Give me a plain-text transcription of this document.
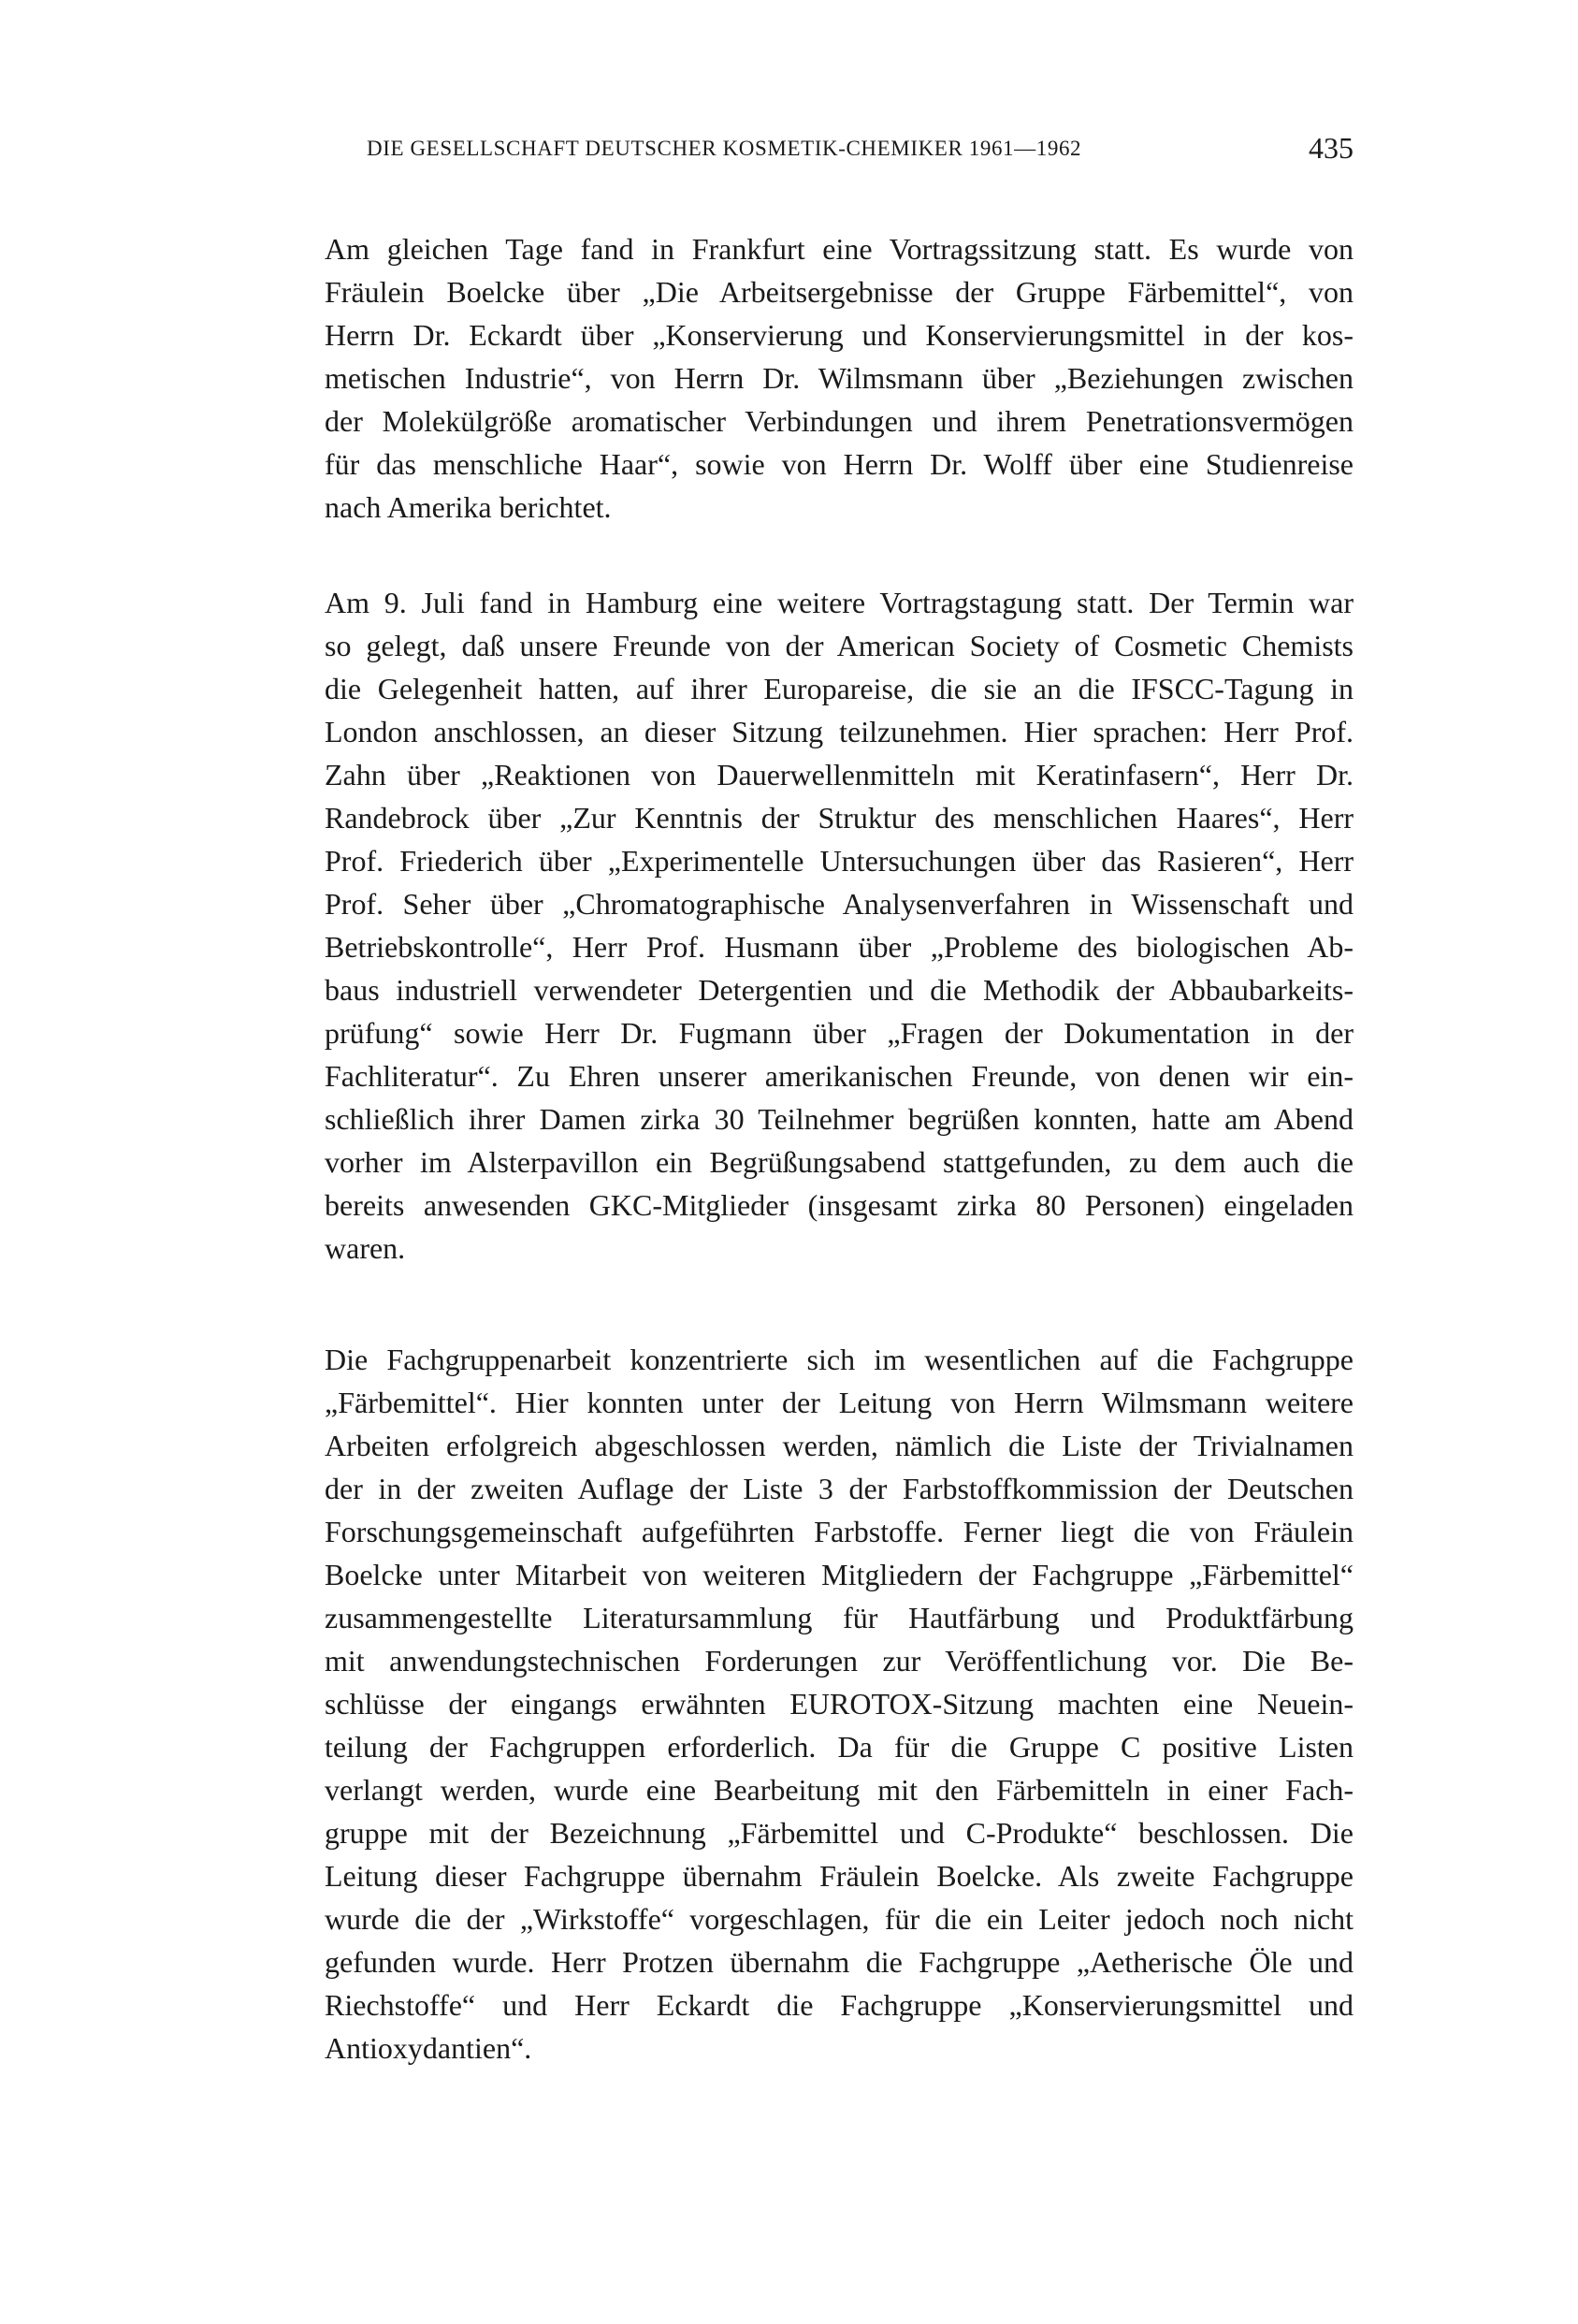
DIE GESELLSCHAFT DEUTSCHER KOSMETIK-CHEMIKER 1961—1962	435
Am gleichen Tage fand in Frankfurt eine Vortragssitzung statt. Es wurde von
Fräulein Boelcke über „Die Arbeitsergebnisse der Gruppe Färbemittel“, von
Herrn Dr. Eckardt über „Konservierung und Konservierungsmittel in der kos-
metischen Industrie“, von Herrn Dr. Wilmsmann über „Beziehungen zwischen
der Molekülgröße aromatischer Verbindungen und ihrem Penetrationsvermögen
für das menschliche Haar“, sowie von Herrn Dr. Wolff über eine Studienreise
nach Amerika berichtet.
Am 9. Juli fand in Hamburg eine weitere Vortragstagung statt. Der Termin war
so gelegt, daß unsere Freunde von der American Society of Cosmetic Chemists
die Gelegenheit hatten, auf ihrer Europareise, die sie an die IFSCC-Tagung in
London anschlossen, an dieser Sitzung teilzunehmen. Hier sprachen: Herr Prof.
Zahn über „Reaktionen von Dauerwellenmitteln mit Keratinfasern“, Herr Dr.
Randebrock über „Zur Kenntnis der Struktur des menschlichen Haares“, Herr
Prof. Friederich über „Experimentelle Untersuchungen über das Rasieren“, Herr
Prof. Seher über „Chromatographische Analysenverfahren in Wissenschaft und
Betriebskontrolle“, Herr Prof. Husmann über „Probleme des biologischen Ab-
baus industriell verwendeter Detergentien und die Methodik der Abbaubarkeits-
prüfung“ sowie Herr Dr. Fugmann über „Fragen der Dokumentation in der
Fachliteratur“. Zu Ehren unserer amerikanischen Freunde, von denen wir ein-
schließlich ihrer Damen zirka 30 Teilnehmer begrüßen konnten, hatte am Abend
vorher im Alsterpavillon ein Begrüßungsabend stattgefunden, zu dem auch die
bereits anwesenden GKC-Mitglieder (insgesamt zirka 80 Personen) eingeladen
waren.
Die Fachgruppenarbeit konzentrierte sich im wesentlichen auf die Fachgruppe
„Färbemittel“. Hier konnten unter der Leitung von Herrn Wilmsmann weitere
Arbeiten erfolgreich abgeschlossen werden, nämlich die Liste der Trivialnamen
der in der zweiten Auflage der Liste 3 der Farbstoffkommission der Deutschen
Forschungsgemeinschaft aufgeführten Farbstoffe. Ferner liegt die von Fräulein
Boelcke unter Mitarbeit von weiteren Mitgliedern der Fachgruppe „Färbemittel“
zusammengestellte Literatursammlung für Hautfärbung und Produktfärbung
mit anwendungstechnischen Forderungen zur Veröffentlichung vor. Die Be-
schlüsse der eingangs erwähnten EUROTOX-Sitzung machten eine Neuein-
teilung der Fachgruppen erforderlich. Da für die Gruppe C positive Listen
verlangt werden, wurde eine Bearbeitung mit den Färbemitteln in einer Fach-
gruppe mit der Bezeichnung „Färbemittel und C-Produkte“ beschlossen. Die
Leitung dieser Fachgruppe übernahm Fräulein Boelcke. Als zweite Fachgruppe
wurde die der „Wirkstoffe“ vorgeschlagen, für die ein Leiter jedoch noch nicht
gefunden wurde. Herr Protzen übernahm die Fachgruppe „Aetherische Öle und
Riechstoffe“ und Herr Eckardt die Fachgruppe „Konservierungsmittel und
Antioxydantien“.
